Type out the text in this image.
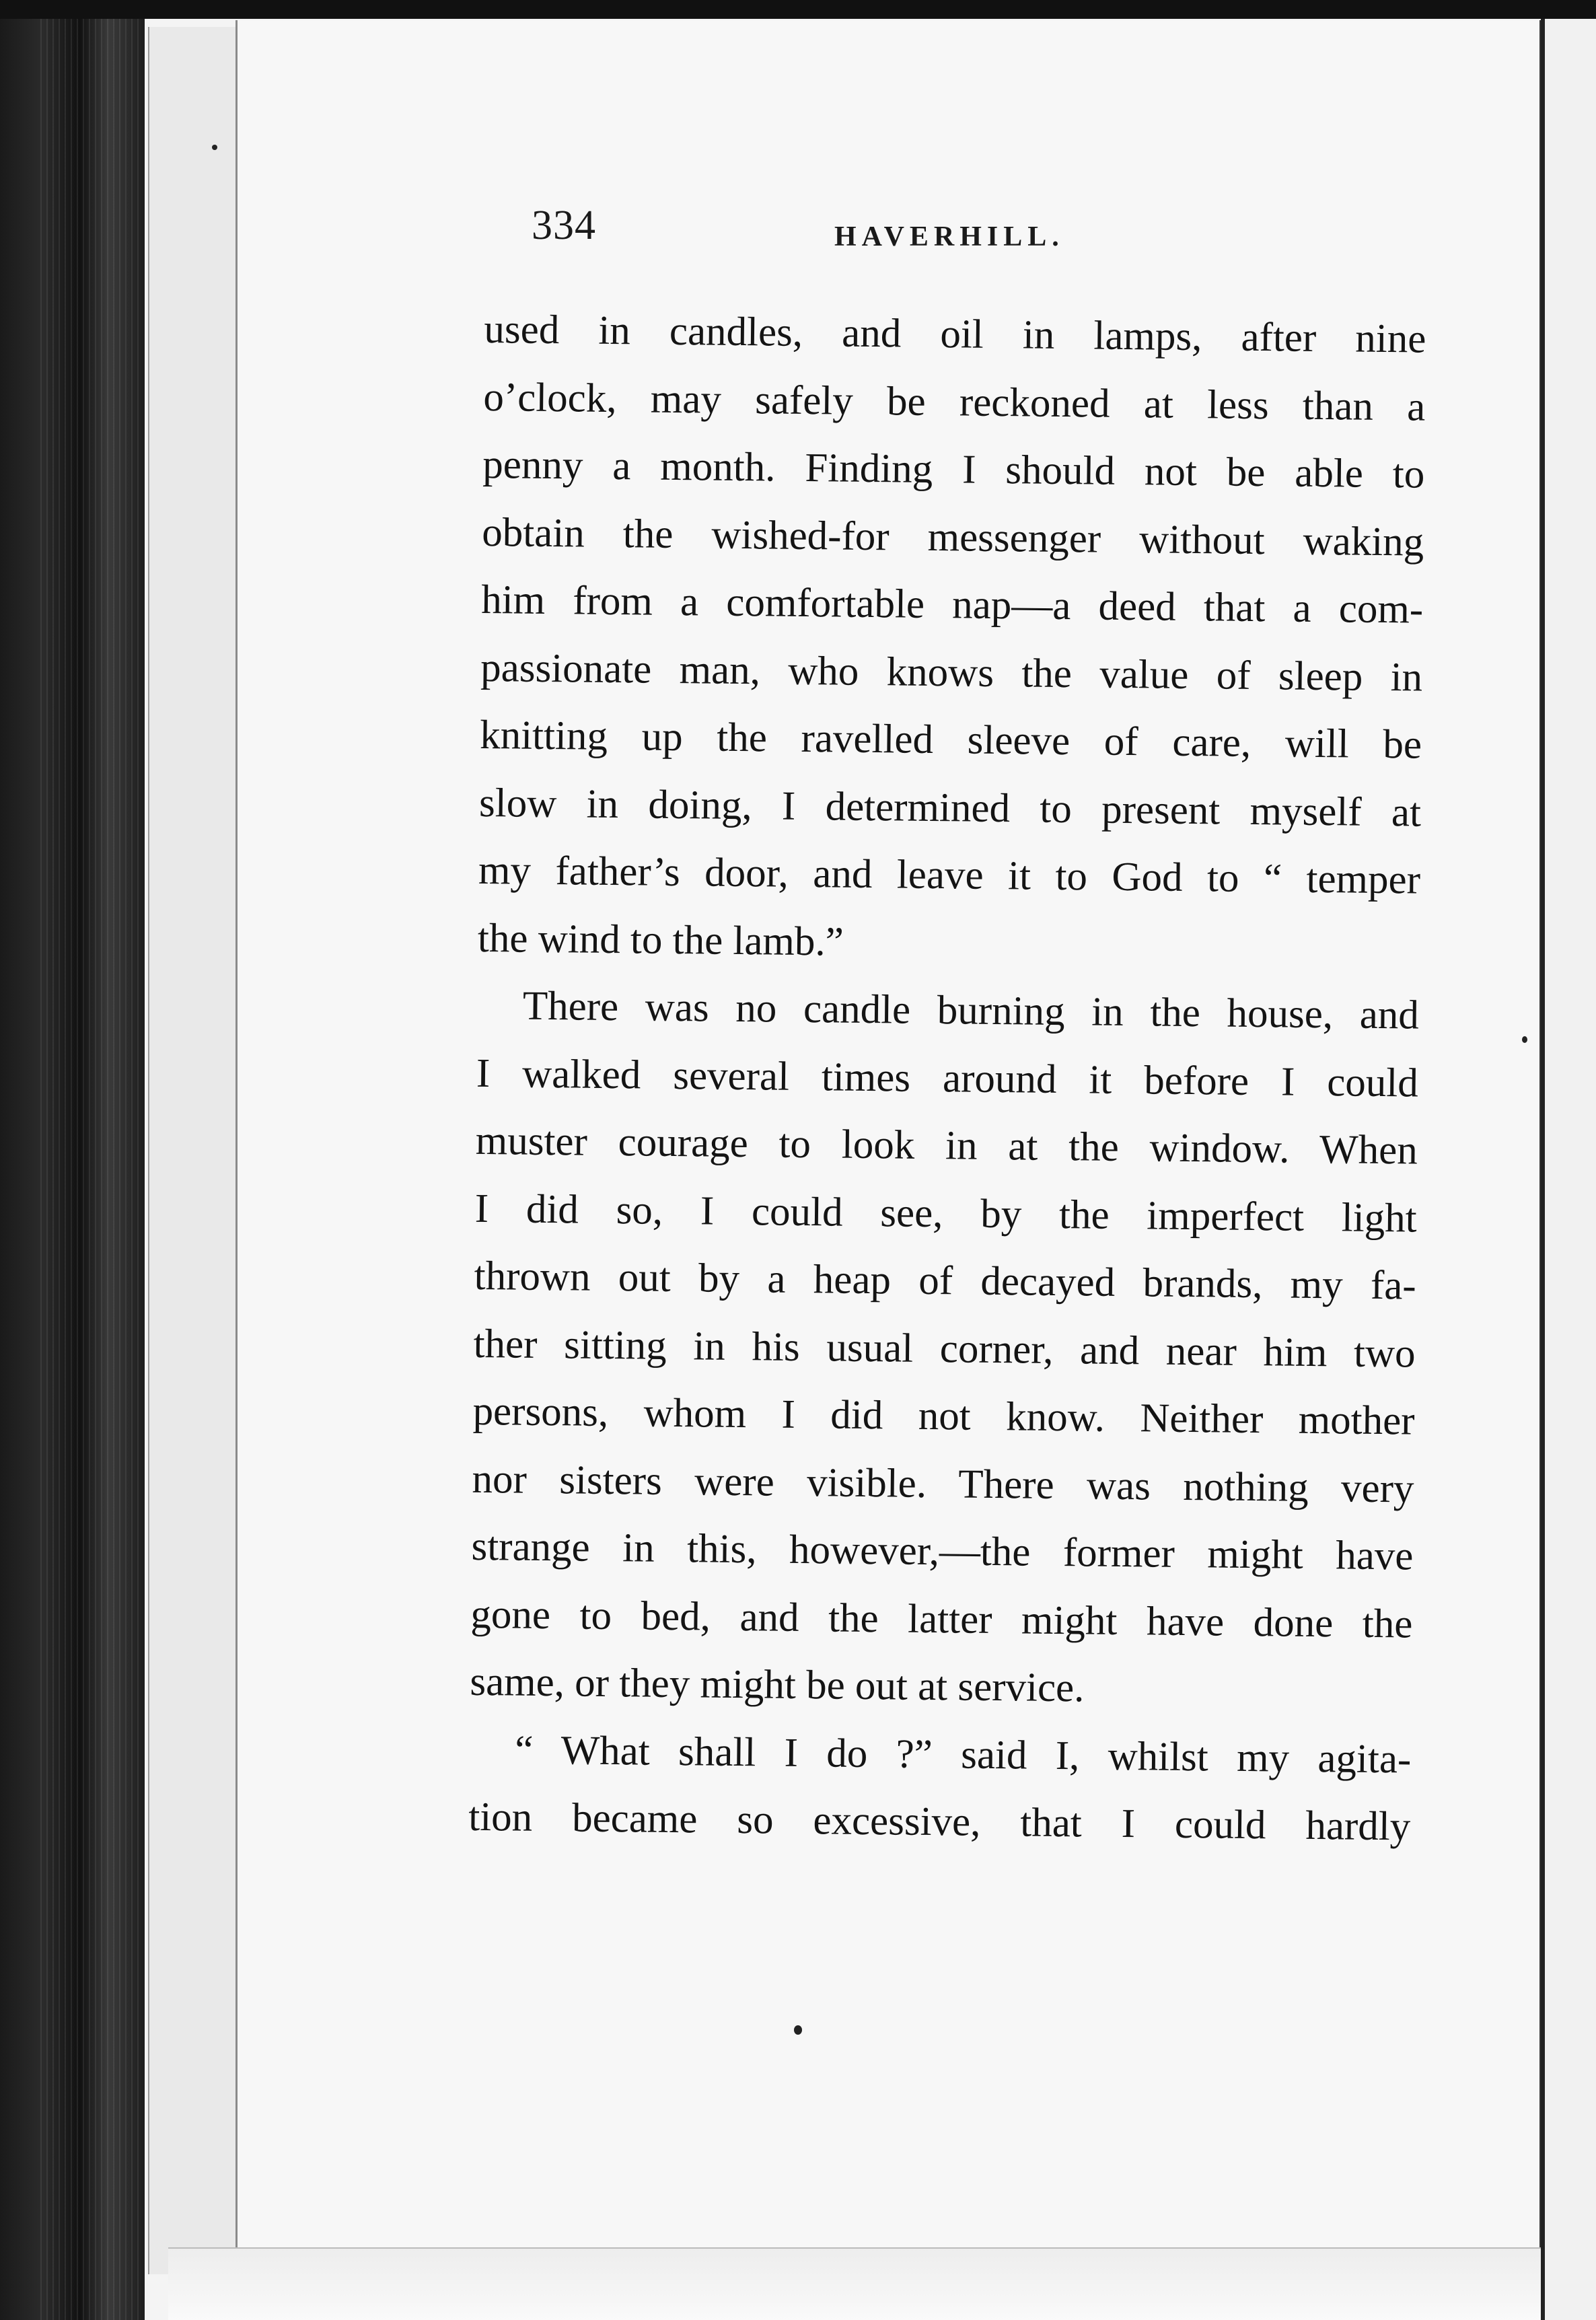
334	HAVERHILL.
used in candles, and oil in lamps, after nine
o’clock, may safely be reckoned at less than a
penny a month. Finding I should not be able to
obtain the wished-for messenger without waking
him from a comfortable nap—a deed that a com-
passionate man, who knows the value of sleep in
knitting up the ravelled sleeve of care, will be
slow in doing, I determined to present myself at
my father’s door, and leave it to God to “ temper
the wind to the lamb.”
There was no candle burning in the house, and
I walked several times around it before I could
muster courage to look in at the window. When
I did so, I could see, by the imperfect light
thrown out by a heap of decayed brands, my fa-
ther sitting in his usual corner, and near him two
persons, whom I did not know. Neither mother
nor sisters were visible. There was nothing very
strange in this, however,—the former might have
gone to bed, and the latter might have done the
same, or they might be out at service.
“ What shall I do ?” said I, whilst my agita-
tion became so excessive, that I could hardly
